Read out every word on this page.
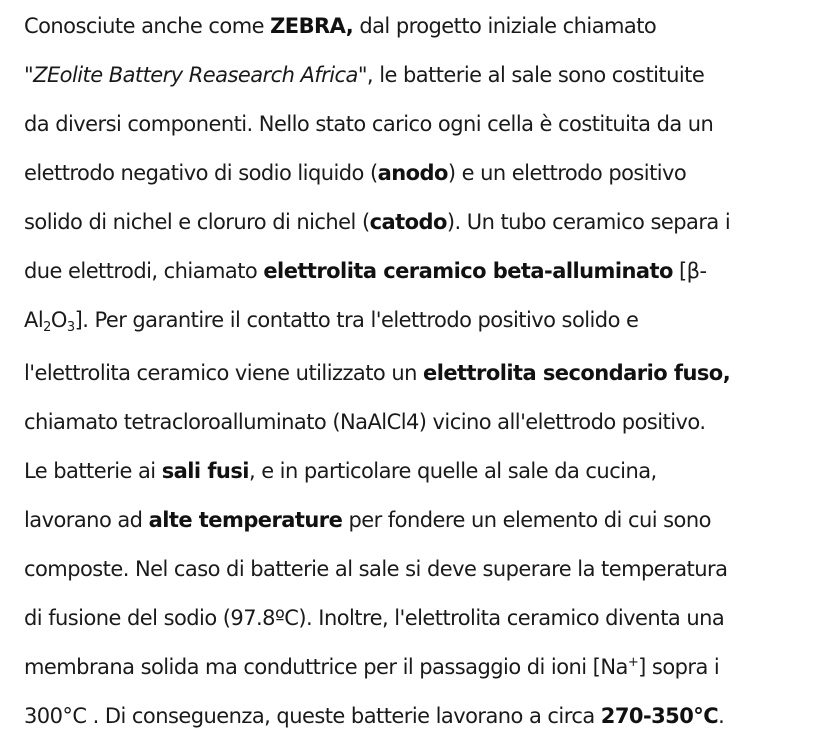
Conosciute anche come ZEBRA, dal progetto iniziale chiamato
"ZEolite Battery Reasearch Africa", le batterie al sale sono costituite
da diversi componenti. Nello stato carico ogni cella è costituita da un
elettrodo negativo di sodio liquido (anodo) e un elettrodo positivo
solido di nichel e cloruro di nichel (catodo). Un tubo ceramico separa i
due elettrodi, chiamato elettrolita ceramico beta-alluminato [β-
$Al_2O_3$]. Per garantire il contatto tra l'elettrodo positivo solido e
l'elettrolita ceramico viene utilizzato un elettrolita secondario fuso,
chiamato tetracloroalluminato (NaAlCl4) vicino all'elettrodo positivo.
Le batterie ai sali fusi, e in particolare quelle al sale da cucina,
lavorano ad alte temperature per fondere un elemento di cui sono
composte. Nel caso di batterie al sale si deve superare la temperatura
di fusione del sodio (97.8ºC). Inoltre, l'elettrolita ceramico diventa una
membrana solida ma conduttrice per il passaggio di ioni [Na+] sopra i
300°C . Di conseguenza, queste batterie lavorano a circa 270-350°C.
